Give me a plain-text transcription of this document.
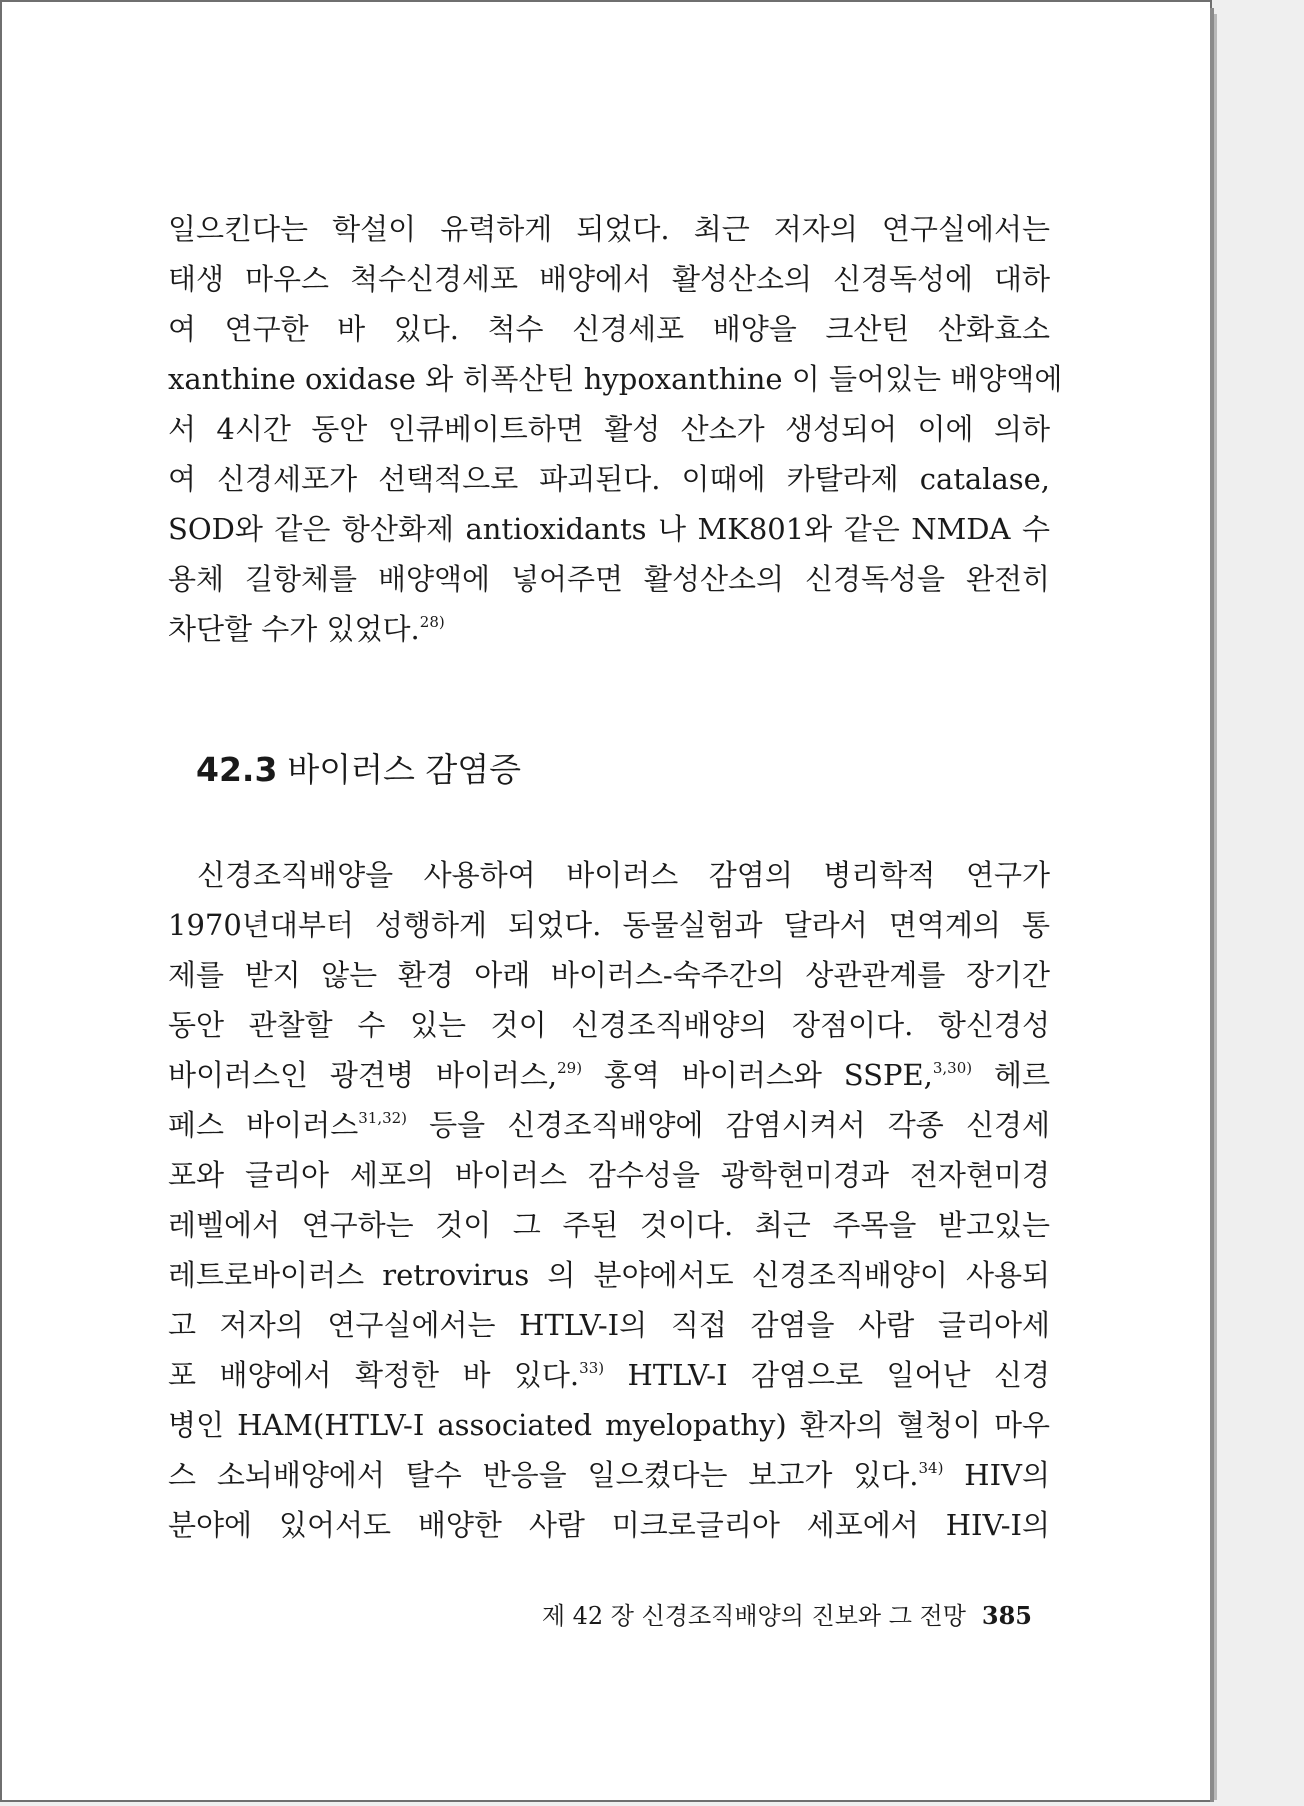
일으킨다는 학설이 유력하게 되었다. 최근 저자의 연구실에서는
태생 마우스 척수신경세포 배양에서 활성산소의 신경독성에 대하
여 연구한 바 있다. 척수 신경세포 배양을 크산틴 산화효소
xanthine oxidase 와 히폭산틴 hypoxanthine 이 들어있는 배양액에
서 4시간 동안 인큐베이트하면 활성 산소가 생성되어 이에 의하
여 신경세포가 선택적으로 파괴된다. 이때에 카탈라제 catalase,
SOD와 같은 항산화제 antioxidants 나 MK801와 같은 NMDA 수
용체 길항체를 배양액에 넣어주면 활성산소의 신경독성을 완전히
차단할 수가 있었다.$^{28)}$
42.3 바이러스 감염증
신경조직배양을 사용하여 바이러스 감염의 병리학적 연구가
1970년대부터 성행하게 되었다. 동물실험과 달라서 면역계의 통
제를 받지 않는 환경 아래 바이러스-숙주간의 상관관계를 장기간
동안 관찰할 수 있는 것이 신경조직배양의 장점이다. 항신경성
바이러스인 광견병 바이러스,$^{29)}$ 홍역 바이러스와 SSPE,$^{3,30)}$ 헤르
페스 바이러스$^{31,32)}$ 등을 신경조직배양에 감염시켜서 각종 신경세
포와 글리아 세포의 바이러스 감수성을 광학현미경과 전자현미경
레벨에서 연구하는 것이 그 주된 것이다. 최근 주목을 받고있는
레트로바이러스 retrovirus 의 분야에서도 신경조직배양이 사용되
고 저자의 연구실에서는 HTLV-I의 직접 감염을 사람 글리아세
포 배양에서 확정한 바 있다.$^{33)}$ HTLV-I 감염으로 일어난 신경
병인 HAM(HTLV-I associated myelopathy) 환자의 혈청이 마우
스 소뇌배양에서 탈수 반응을 일으켰다는 보고가 있다.$^{34)}$ HIV의
분야에 있어서도 배양한 사람 미크로글리아 세포에서 HIV-I의
제 42 장 신경조직배양의 진보와 그 전망 385
